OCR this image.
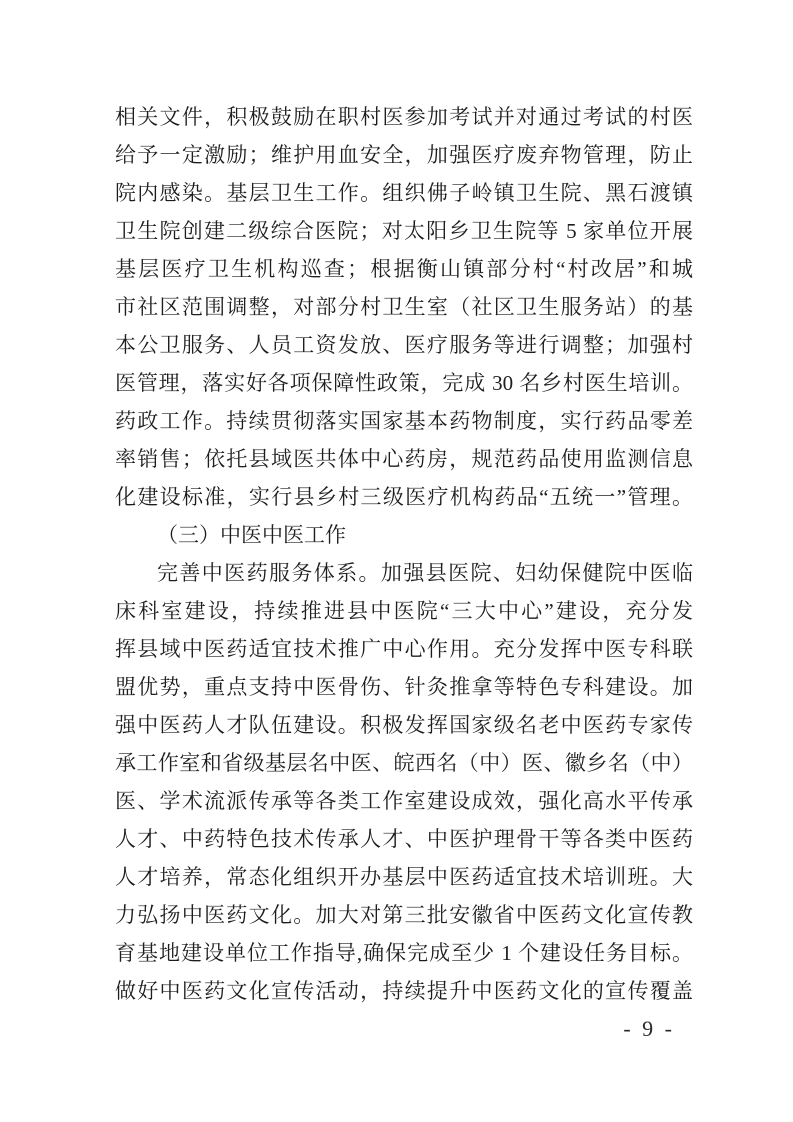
相关文件，积极鼓励在职村医参加考试并对通过考试的村医
给予一定激励；维护用血安全，加强医疗废弃物管理，防止
院内感染。基层卫生工作。组织佛子岭镇卫生院、黑石渡镇
卫生院创建二级综合医院；对太阳乡卫生院等 5 家单位开展
基层医疗卫生机构巡查；根据衡山镇部分村“村改居”和城
市社区范围调整，对部分村卫生室（社区卫生服务站）的基
本公卫服务、人员工资发放、医疗服务等进行调整；加强村
医管理，落实好各项保障性政策，完成 30 名乡村医生培训。
药政工作。持续贯彻落实国家基本药物制度，实行药品零差
率销售；依托县域医共体中心药房，规范药品使用监测信息
化建设标准，实行县乡村三级医疗机构药品“五统一”管理。
（三）中医中医工作
完善中医药服务体系。加强县医院、妇幼保健院中医临
床科室建设，持续推进县中医院“三大中心”建设，充分发
挥县域中医药适宜技术推广中心作用。充分发挥中医专科联
盟优势，重点支持中医骨伤、针灸推拿等特色专科建设。加
强中医药人才队伍建设。积极发挥国家级名老中医药专家传
承工作室和省级基层名中医、皖西名（中）医、徽乡名（中）
医、学术流派传承等各类工作室建设成效，强化高水平传承
人才、中药特色技术传承人才、中医护理骨干等各类中医药
人才培养，常态化组织开办基层中医药适宜技术培训班。大
力弘扬中医药文化。加大对第三批安徽省中医药文化宣传教
育基地建设单位工作指导,确保完成至少 1 个建设任务目标。
做好中医药文化宣传活动，持续提升中医药文化的宣传覆盖
- 9 -
